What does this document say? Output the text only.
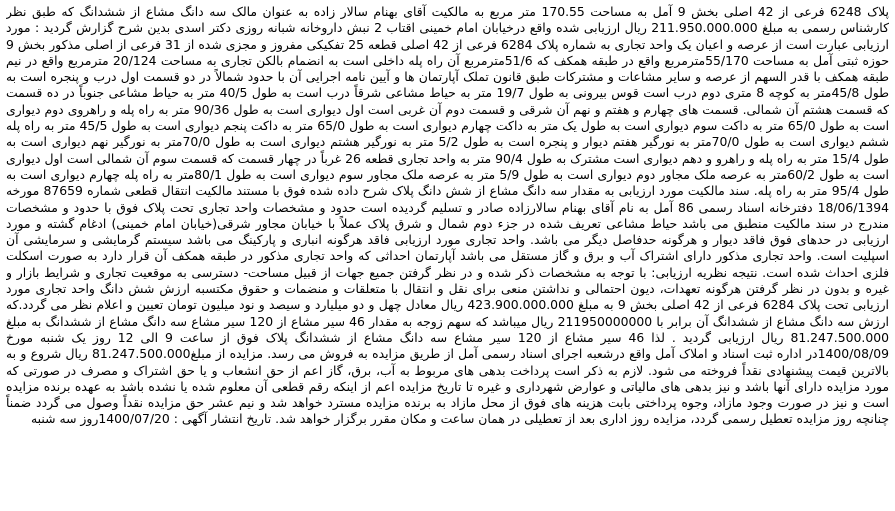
پلاک 6248 فرعی از 42 اصلی بخش 9 آمل به مساحت 170.55 متر مربع به مالکیت آقای بهنام سالار زاده به عنوان مالک سه دانگ مشاع از ششدانگ که طبق نظر کارشناس رسمی به مبلغ 211.950.000.000 ریال ارزیابی شده واقع درخیابان امام خمینی اقتاب 2 نبش داروخانه شبانه روزی دکتر اسدی بدین شرح گزارش گردید : مورد ارزیابی عبارت است از عرصه و اعیان یک واحد تجاری به شماره پلاک 6284 فرعی از 42 اصلی قطعه 25 تفکیکی مفروز و مجزی شده از 31 فرعی از اصلی مذکور بخش 9 حوزه ثبتی آمل به مساحت 55/170مترمربع واقع در طبقه همکف که 51/6مترمربع آن راه پله داخلی است به انضمام بالکن تجاری به مساحت 20/124 مترمربع واقع در نیم طبقه همکف با قدر السهم از عرصه و سایر مشاعات و مشترکات طبق قانون تملک آپارتمان ها و آیین نامه اجرایی آن با حدود شمالاً در دو قسمت اول درب و پنجره است به طول 45/8متر به کوچه 8 متری دوم درب است قوس بیرونی به طول 19/7 متر به حیاط مشاعی شرقاً درب است به طول 40/5 متر به حیاط مشاعی جنوباً در ده قسمت که قسمت هشتم آن شمالی. قسمت های چهارم و هفتم و نهم آن شرقی و قسمت دوم آن غربی است اول دیواری است به طول 90/36 متر به راه پله و راهروی دوم دیواری است به طول 65/0 متر به داکت سوم دیواری است به طول یک متر به داکت چهارم دیواری است به طول 65/0 متر به داکت پنجم دیواری است به طول 45/5 متر به راه پله ششم دیواری است به طول 70/0متر به نورگیر هفتم دیوار و پنجره است به طول 5/2 متر به نورگیر هشتم دیواری است به طول 70/0متر به نورگیر نهم دیواری است به طول 15/4 متر به راه پله و راهرو و دهم دیواری است مشترک به طول 90/4 متر به واحد تجاری قطعه 26 غرباً در چهار قسمت که قسمت سوم آن شمالی است اول دیواری است به طول 60/2متر به عرصه ملک مجاور دوم دیواری است به طول 5/9 متر به عرصه ملک مجاور سوم دیواری است به طول 80/1متر به راه پله چهارم دیواری است به طول 95/4 متر به راه پله. سند مالکیت مورد ارزیابی به مقدار سه دانگ مشاع از شش دانگ پلاک شرح داده شده فوق با مستند مالکیت انتقال قطعی شماره 87659 مورخه 18/06/1394 دفترخانه اسناد رسمی 86 آمل به نام آقای بهنام سالارزاده صادر و تسلیم گردیده است حدود و مشخصات واحد تجاری تحت پلاک فوق با حدود و مشخصات مندرج در سند مالکیت منطبق می باشد حیاط مشاعی تعریف شده در جزء دوم شمال و شرق پلاک عملاً با خیابان مجاور شرقی(خیابان امام خمینی) ادغام گشته و مورد ارزیابی در حدهای فوق فاقد دیوار و هرگونه حدفاصل دیگر می باشد. واحد تجاری مورد ارزیابی فاقد هرگونه انباری و پارکینگ می باشد سیستم گرمایشی و سرمایشی آن اسپلیت است. واحد تجاری مذکور دارای اشتراک آب و برق و گاز مستقل می باشد آپارتمان احداثی که واحد تجاری مذکور در طبقه همکف آن قرار دارد به صورت اسکلت فلزی احداث شده است. نتیجه نظریه ارزیابی: با توجه به مشخصات ذکر شده و در نظر گرفتن جمیع جهات از قبیل مساحت- دسترسی به موقعیت تجاری و شرایط بازار و غیره و بدون در نظر گرفتن هرگونه تعهدات، دیون احتمالی و نداشتن منعی برای نقل و انتقال با متعلقات و منضمات و حقوق مکتسبه ارزش شش دانگ واحد تجاری مورد ارزیابی تحت پلاک 6284 فرعی از 42 اصلی بخش 9 به مبلغ 423.900.000.000 ریال معادل چهل و دو میلیارد و سیصد و نود میلیون تومان تعیین و اعلام نظر می گردد.که ارزش سه دانگ مشاع از ششدانگ آن برابر با 211950000000 ریال میباشد که سهم زوجه به مقدار 46 سیر مشاع از 120 سیر مشاع سه دانگ مشاع از ششدانگ به مبلغ 81.247.500.000 ریال ارزیابی گردید . لذا 46 سیر مشاع از 120 سیر مشاع سه دانگ مشاع از ششدانگ پلاک فوق از ساعت 9 الی 12 روز یک شنبه مورخ 1400/08/09در اداره ثبت اسناد و املاک آمل واقع درشعبه اجرای اسناد رسمی آمل از طریق مزایده به فروش می رسد. مزایده از مبلغ81.247.500.000 ریال شروع و به بالاترین قیمت پیشنهادی نقداً فروخته می شود. لازم به ذکر است پرداخت بدهی های مربوط به آب، برق، گاز اعم از حق انشعاب و یا حق اشتراک و مصرف در صورتی که مورد مزایده دارای آنها باشد و نیز بدهی های مالیاتی و عوارض شهرداری و غیره تا تاریخ مزایده اعم از اینکه رقم قطعی آن معلوم شده یا نشده باشد به عهده برنده مزایده است و نیز در صورت وجود مازاد، وجوه پرداختی بابت هزینه های فوق از محل مازاد به برنده مزایده مسترد خواهد شد و نیم عشر حق مزایده نقداً وصول می گردد ضمناً چنانچه روز مزایده تعطیل رسمی گردد، مزایده روز اداری بعد از تعطیلی در همان ساعت و مکان مقرر برگزار خواهد شد. تاریخ انتشار آگهی : 1400/07/20روز سه شنبه
